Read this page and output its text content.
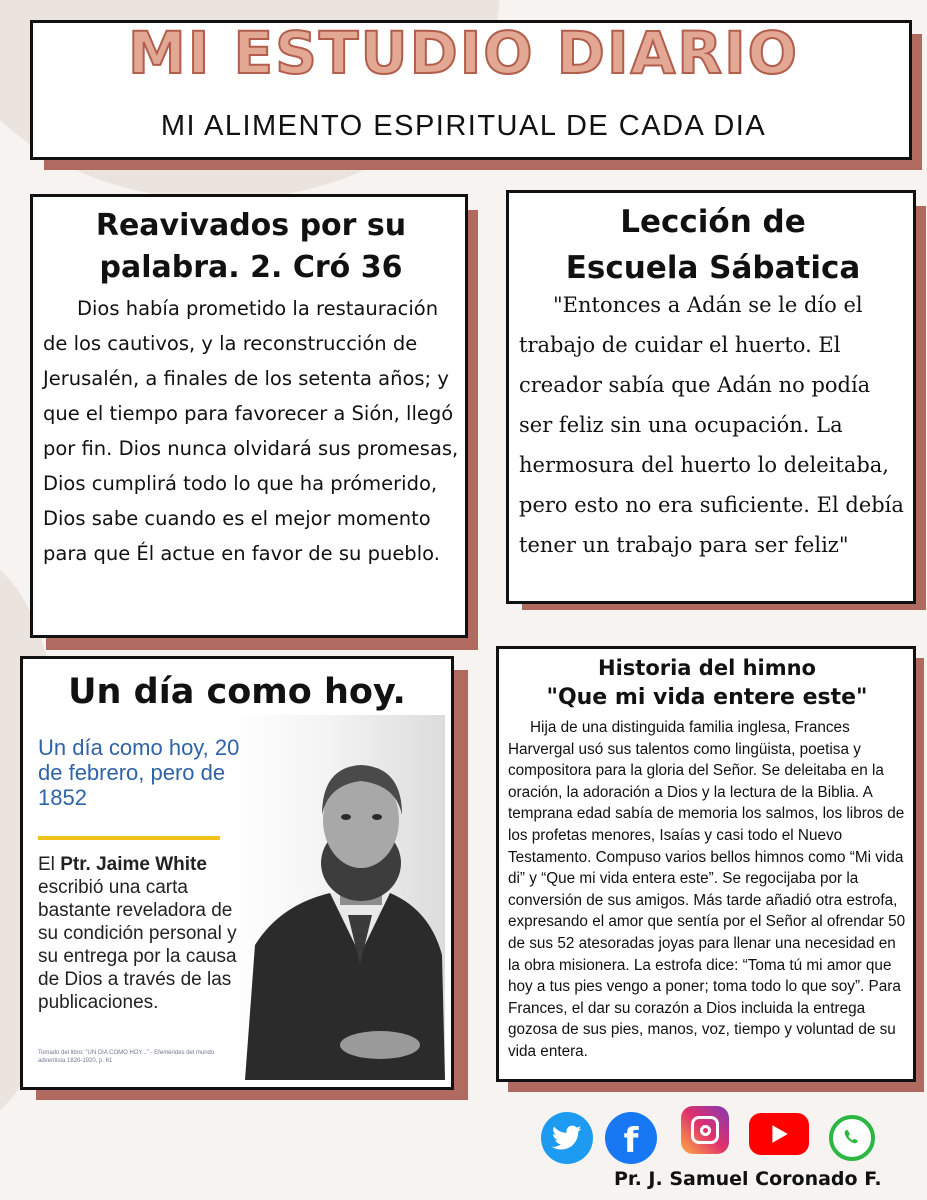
MI ESTUDIO DIARIO
MI ALIMENTO ESPIRITUAL DE CADA DIA
Reavivados por su
palabra. 2. Cró 36
Dios había prometido la restauración de los cautivos, y la reconstrucción de Jerusalén, a finales de los setenta años; y que el tiempo para favorecer a Sión, llegó por fin. Dios nunca olvidará sus promesas, Dios cumplirá todo lo que ha prómerido, Dios sabe cuando es el mejor momento para que Él actue en favor de su pueblo.
Lección de
Escuela Sábatica
"Entonces a Adán se le dío el trabajo de cuidar el huerto. El creador sabía que Adán no podía ser feliz sin una ocupación. La hermosura del huerto lo deleitaba, pero esto no era suficiente. El debía tener un trabajo para ser feliz"
Un día como hoy.
Un día como hoy, 20 de febrero, pero de 1852
El Ptr. Jaime White escribió una carta bastante reveladora de su condición personal y su entrega por la causa de Dios a través de las publicaciones.
Tomado del libro: "UN DIA COMO HOY..." - Efemérides del mundo adventista 1820-1920, p. 61
Historia del himno
"Que mi vida entere este"
Hija de una distinguida familia inglesa, Frances Harvergal usó sus talentos como lingüista, poetisa y compositora para la gloria del Señor. Se deleitaba en la oración, la adoración a Dios y la lectura de la Biblia. A temprana edad sabía de memoria los salmos, los libros de los profetas menores, Isaías y casi todo el Nuevo Testamento. Compuso varios bellos himnos como “Mi vida di” y “Que mi vida entera este”. Se regocijaba por la conversión de sus amigos. Más tarde añadió otra estrofa, expresando el amor que sentía por el Señor al ofrendar 50 de sus 52 atesoradas joyas para llenar una necesidad en la obra misionera. La estrofa dice: “Toma tú mi amor que hoy a tus pies vengo a poner; toma todo lo que soy”. Para Frances, el dar su corazón a Dios incluida la entrega gozosa de sus pies, manos, voz, tiempo y voluntad de su vida entera.
f
Pr. J. Samuel Coronado F.
